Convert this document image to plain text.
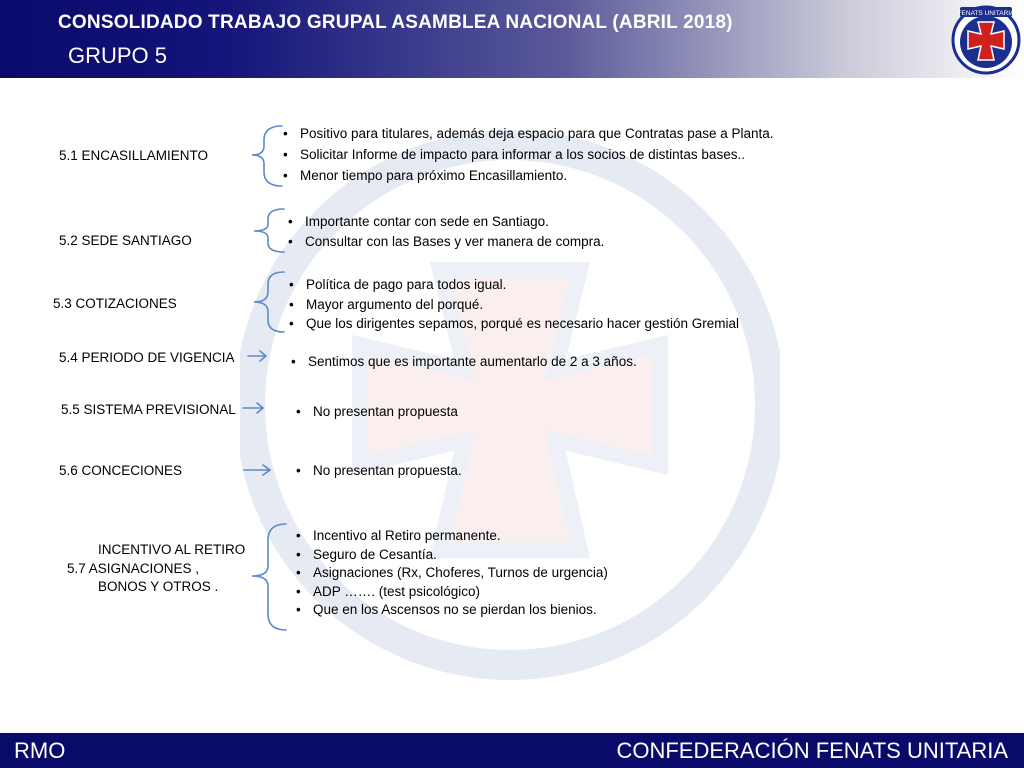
CONSOLIDADO TRABAJO GRUPAL ASAMBLEA NACIONAL (ABRIL 2018)
GRUPO 5
FENATS UNITARIA
5.1 ENCASILLAMIENTO
5.2 SEDE SANTIAGO
5.3 COTIZACIONES
5.4 PERIODO DE VIGENCIA
5.5 SISTEMA PREVISIONAL
5.6 CONCECIONES
INCENTIVO AL RETIRO
5.7 ASIGNACIONES ,
BONOS Y OTROS .
• Positivo para titulares, además deja espacio para que Contratas pase a Planta.
• Solicitar Informe de impacto para informar a los socios de distintas bases..
• Menor tiempo para próximo Encasillamiento.
• Importante contar con sede en Santiago.
• Consultar con las Bases y ver manera de compra.
• Política de pago para todos igual.
• Mayor argumento del porqué.
• Que los dirigentes sepamos, porqué es necesario hacer gestión Gremial
• Sentimos que es importante aumentarlo de 2 a 3 años.
• No presentan propuesta
• No presentan propuesta.
• Incentivo al Retiro permanente.
• Seguro de Cesantía.
• Asignaciones (Rx, Choferes, Turnos de urgencia)
• ADP ……. (test psicológico)
• Que en los Ascensos no se pierdan los bienios.
RMO	CONFEDERACIÓN FENATS UNITARIA
